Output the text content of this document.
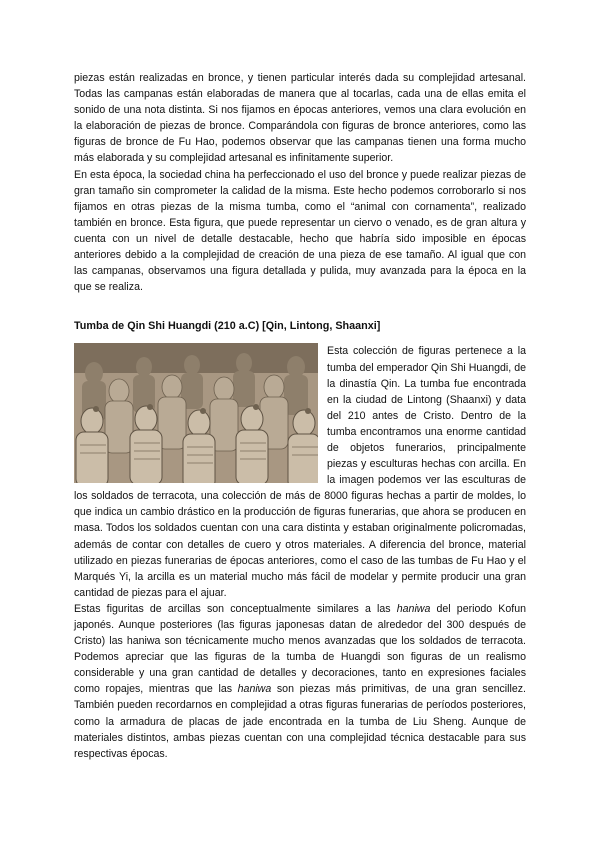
piezas están realizadas en bronce, y tienen particular interés dada su complejidad artesanal. Todas las campanas están elaboradas de manera que al tocarlas, cada una de ellas emita el sonido de una nota distinta. Si nos fijamos en épocas anteriores, vemos una clara evolución en la elaboración de piezas de bronce. Comparándola con figuras de bronce anteriores, como las figuras de bronce de Fu Hao, podemos observar que las campanas tienen una forma mucho más elaborada y su complejidad artesanal es infinitamente superior.

En esta época, la sociedad china ha perfeccionado el uso del bronce y puede realizar piezas de gran tamaño sin comprometer la calidad de la misma. Este hecho podemos corroborarlo si nos fijamos en otras piezas de la misma tumba, como el “animal con cornamenta”, realizado también en bronce. Esta figura, que puede representar un ciervo o venado, es de gran altura y cuenta con un nivel de detalle destacable, hecho que habría sido imposible en épocas anteriores debido a la complejidad de creación de una pieza de ese tamaño. Al igual que con las campanas, observamos una figura detallada y pulida, muy avanzada para la época en la que se realiza.

Tumba de Qin Shi Huangdi (210 a.C) [Qin, Lintong, Shaanxi]

Esta colección de figuras pertenece a la tumba del emperador Qin Shi Huangdi, de la dinastía Qin. La tumba fue encontrada en la ciudad de Lintong (Shaanxi) y data del 210 antes de Cristo. Dentro de la tumba encontramos una enorme cantidad de objetos funerarios, principalmente piezas y esculturas hechas con arcilla. En la imagen podemos ver las esculturas de los soldados de terracota, una colección de más de 8000 figuras hechas a partir de moldes, lo que indica un cambio drástico en la producción de figuras funerarias, que ahora se producen en masa. Todos los soldados cuentan con una cara distinta y estaban originalmente policromadas, además de contar con detalles de cuero y otros materiales. A diferencia del bronce, material utilizado en piezas funerarias de épocas anteriores, como el caso de las tumbas de Fu Hao y el Marqués Yi, la arcilla es un material mucho más fácil de modelar y permite producir una gran cantidad de piezas para el ajuar.

Estas figuritas de arcillas son conceptualmente similares a las haniwa del periodo Kofun japonés. Aunque posteriores (las figuras japonesas datan de alrededor del 300 después de Cristo) las haniwa son técnicamente mucho menos avanzadas que los soldados de terracota. Podemos apreciar que las figuras de la tumba de Huangdi son figuras de un realismo considerable y una gran cantidad de detalles y decoraciones, tanto en expresiones faciales como ropajes, mientras que las haniwa son piezas más primitivas, de una gran sencillez. También pueden recordarnos en complejidad a otras figuras funerarias de períodos posteriores, como la armadura de placas de jade encontrada en la tumba de Liu Sheng. Aunque de materiales distintos, ambas piezas cuentan con una complejidad técnica destacable para sus respectivas épocas.
